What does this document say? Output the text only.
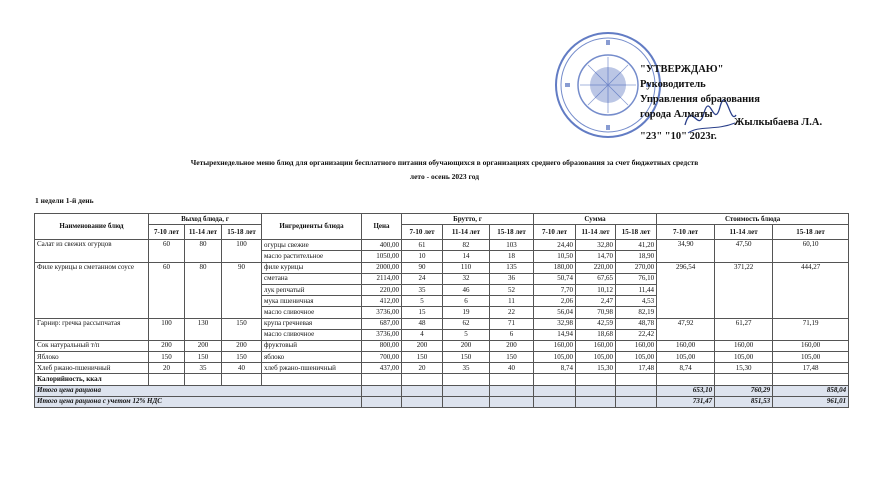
"УТВЕРЖДАЮ"
Руководитель
Управления образования
города Алматы
Жылкыбаева Л.А.
"23" "10" 2023г.
Четырехнедельное меню блюд для организации бесплатного питания обучающихся в организациях среднего образования за счет бюджетных средств
лето - осень 2023 год
1 недели 1-й день
Наименование блюд	Выход блюда, г			Ингредиенты блюда	Цена	Брутто, г			Сумма			Стоимость блюда		
	7-10 лет	11-14 лет	15-18 лет			7-10 лет	11-14 лет	15-18 лет	7-10 лет	11-14 лет	15-18 лет	7-10 лет	11-14 лет	15-18 лет
Салат из свежих огурцов	60	80	100	огурцы свежие	400,00	61	82	103	24,40	32,80	41,20	34,90	47,50	60,10
				масло растительное	1050,00	10	14	18	10,50	14,70	18,90			
Филе курицы в сметанном соусе	60	80	90	филе курицы	2000,00	90	110	135	180,00	220,00	270,00	296,54	371,22	444,27
				сметана	2114,00	24	32	36	50,74	67,65	76,10			
				лук репчатый	220,00	35	46	52	7,70	10,12	11,44			
				мука пшеничная	412,00	5	6	11	2,06	2,47	4,53			
				масло сливочное	3736,00	15	19	22	56,04	70,98	82,19			
Гарнир: гречка рассыпчатая	100	130	150	крупа гречневая	687,00	48	62	71	32,98	42,59	48,78	47,92	61,27	71,19
				масло сливочное	3736,00	4	5	6	14,94	18,68	22,42			
Сок натуральный т/п	200	200	200	фруктовый	800,00	200	200	200	160,00	160,00	160,00	160,00	160,00	160,00
Яблоко	150	150	150	яблоко	700,00	150	150	150	105,00	105,00	105,00	105,00	105,00	105,00
Хлеб ржано-пшеничный	20	35	40	хлеб ржано-пшеничный	437,00	20	35	40	8,74	15,30	17,48	8,74	15,30	17,48
Калорийность, ккал														
Итого цена рациона												653,10	760,29	858,04
Итого цена рациона с учетом 12% НДС												731,47	851,53	961,01
